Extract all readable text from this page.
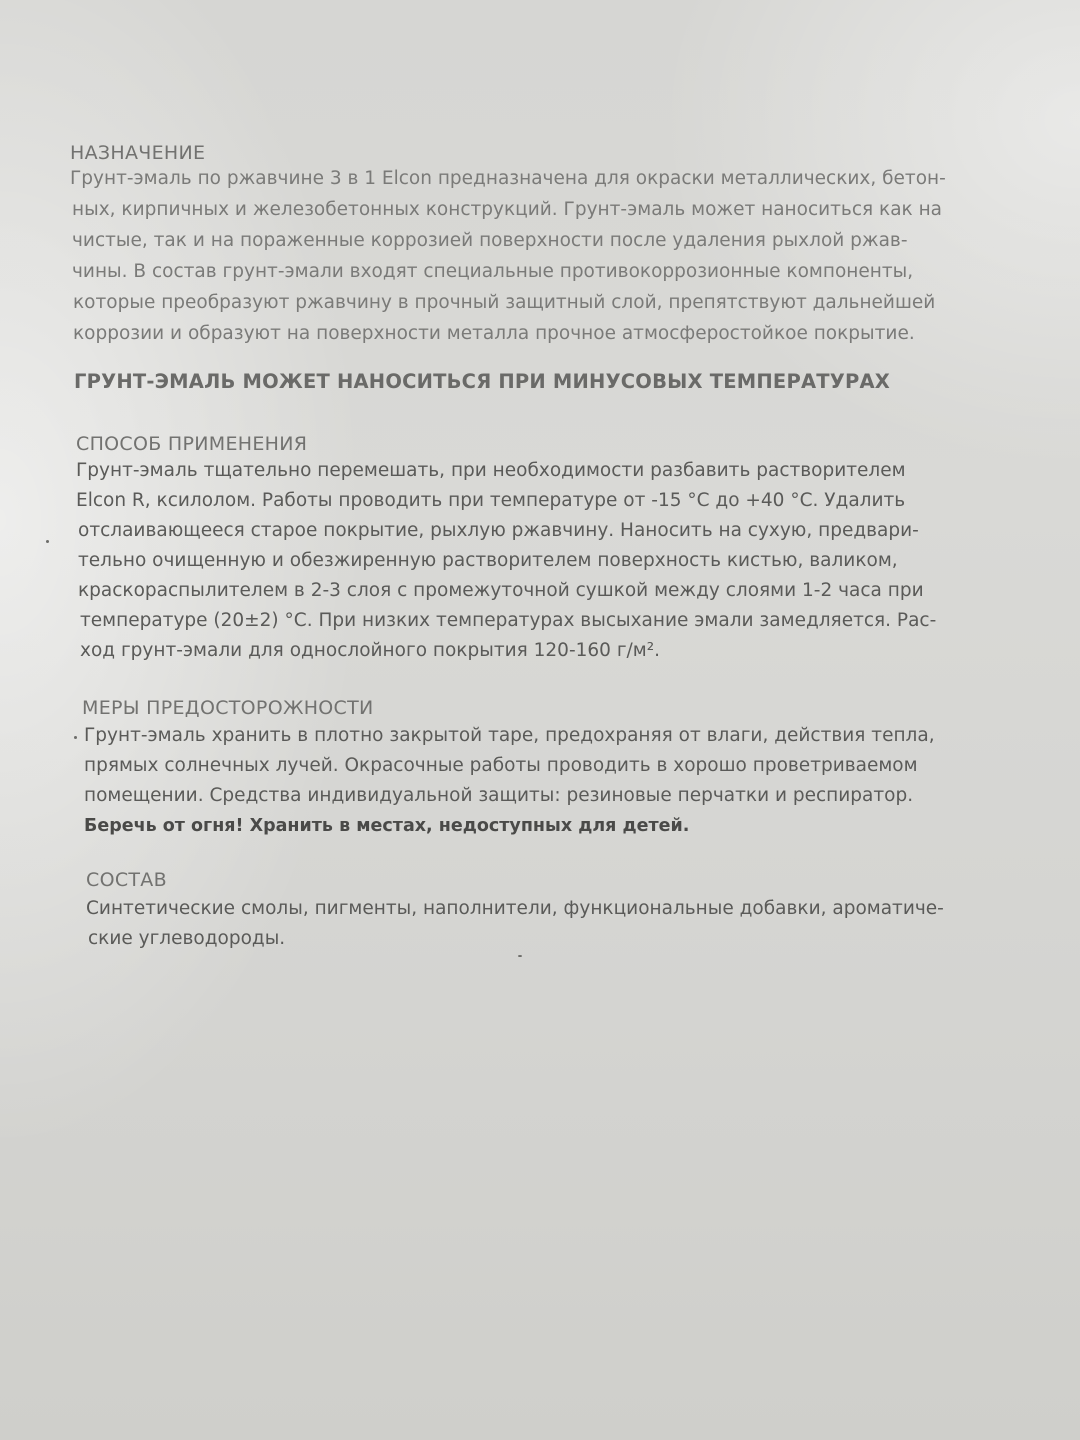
НАЗНАЧЕНИЕ
Грунт-эмаль по ржавчине 3 в 1 Elcon предназначена для окраски металлических, бетон-
ных, кирпичных и железобетонных конструкций. Грунт-эмаль может наноситься как на
чистые, так и на пораженные коррозией поверхности после удаления рыхлой ржав-
чины. В состав грунт-эмали входят специальные противокоррозионные компоненты,
которые преобразуют ржавчину в прочный защитный слой, препятствуют дальнейшей
коррозии и образуют на поверхности металла прочное атмосферостойкое покрытие.
ГРУНТ-ЭМАЛЬ МОЖЕТ НАНОСИТЬСЯ ПРИ МИНУСОВЫХ ТЕМПЕРАТУРАХ
СПОСОБ ПРИМЕНЕНИЯ
Грунт-эмаль тщательно перемешать, при необходимости разбавить растворителем
Elcon R, ксилолом. Работы проводить при температуре от -15 °С до +40 °С. Удалить
отслаивающееся старое покрытие, рыхлую ржавчину. Наносить на сухую, предвари-
тельно очищенную и обезжиренную растворителем поверхность кистью, валиком,
краскораспылителем в 2-3 слоя с промежуточной сушкой между слоями 1-2 часа при
температуре (20±2) °С. При низких температурах высыхание эмали замедляется. Рас-
ход грунт-эмали для однослойного покрытия 120-160 г/м².
МЕРЫ ПРЕДОСТОРОЖНОСТИ
Грунт-эмаль хранить в плотно закрытой таре, предохраняя от влаги, действия тепла,
прямых солнечных лучей. Окрасочные работы проводить в хорошо проветриваемом
помещении. Средства индивидуальной защиты: резиновые перчатки и респиратор.
Беречь от огня! Хранить в местах, недоступных для детей.
СОСТАВ
Синтетические смолы, пигменты, наполнители, функциональные добавки, ароматиче-
ские углеводороды.
